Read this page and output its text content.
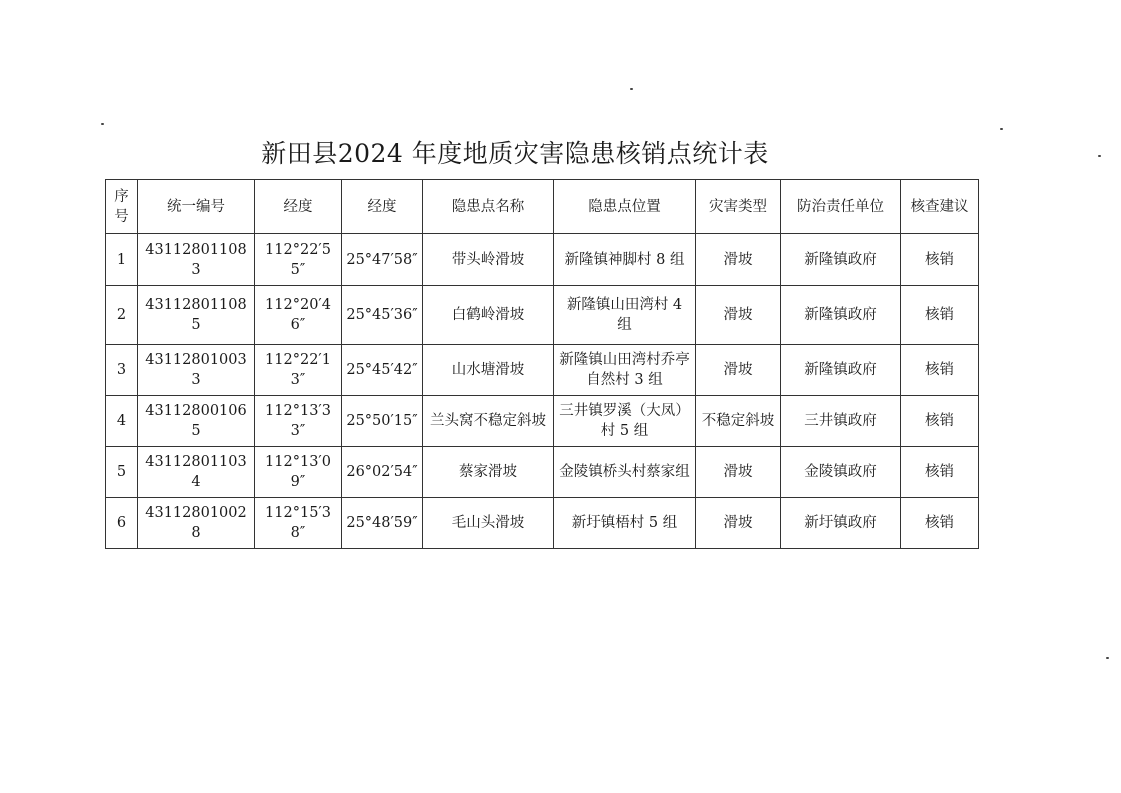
新田县2024 年度地质灾害隐患核销点统计表
序号	统一编号	经度	经度	隐患点名称	隐患点位置	灾害类型	防治责任单位	核查建议
1	431128011083	112°22′55″	25°47′58″	带头岭滑坡	新隆镇神脚村 8 组	滑坡	新隆镇政府	核销
2	431128011085	112°20′46″	25°45′36″	白鹤岭滑坡	新隆镇山田湾村 4 组	滑坡	新隆镇政府	核销
3	431128010033	112°22′13″	25°45′42″	山水塘滑坡	新隆镇山田湾村乔亭自然村 3 组	滑坡	新隆镇政府	核销
4	431128001065	112°13′33″	25°50′15″	兰头窝不稳定斜坡	三井镇罗溪（大凤）村 5 组	不稳定斜坡	三井镇政府	核销
5	431128011034	112°13′09″	26°02′54″	蔡家滑坡	金陵镇桥头村蔡家组	滑坡	金陵镇政府	核销
6	431128010028	112°15′38″	25°48′59″	毛山头滑坡	新圩镇梧村 5 组	滑坡	新圩镇政府	核销
